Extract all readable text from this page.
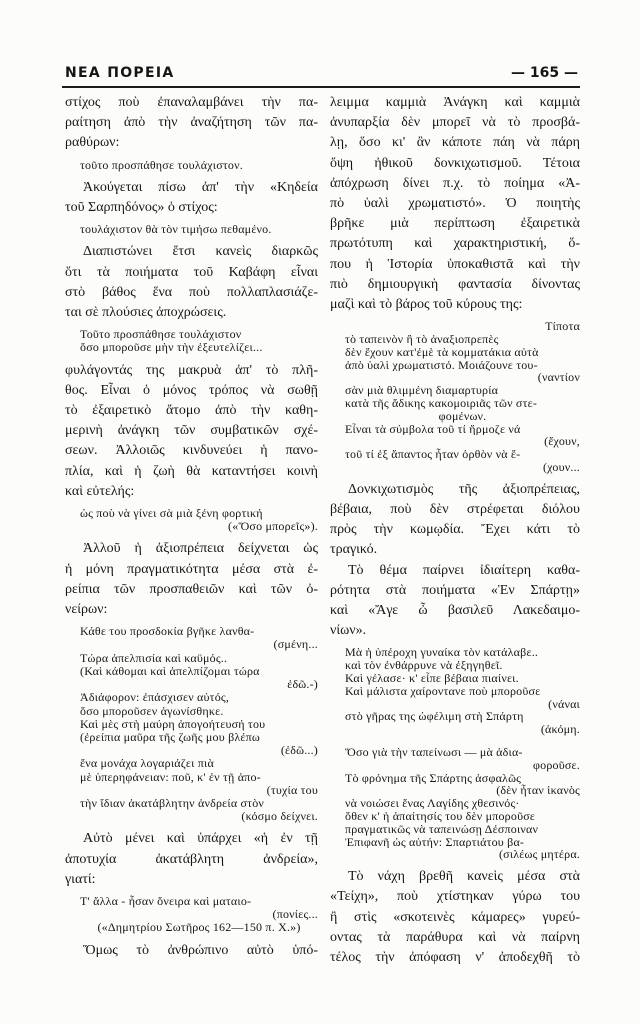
ΝΕΑ ΠΟΡΕΙΑ	— 165 —
στίχος ποὺ ἐπαναλαμβάνει τὴν πα-
ραίτηση ἀπὸ τὴν ἀναζήτηση τῶν πα-
ραθύρων:
τοῦτο προσπάθησε τουλάχιστον.
Ἀκούγεται πίσω ἀπ' τὴν «Κηδεία
τοῦ Σαρπηδόνος» ὁ στίχος:
τουλάχιστον θὰ τὸν τιμήσω πεθαμένο.
Διαπιστώνει ἔτσι κανεὶς διαρκῶς
ὅτι τὰ ποιήματα τοῦ Καβάφη εἶναι
στὸ βάθος ἕνα ποὺ πολλαπλασιάζε-
ται σὲ πλούσιες ἀποχρώσεις.
Τοῦτο προσπάθησε τουλάχιστον
ὅσο μποροῦσε μὴν τὴν ἐξευτελίζει...
φυλάγοντάς της μακρυὰ ἀπ' τὸ πλῆ-
θος. Εἶναι ὁ μόνος τρόπος νὰ σωθῇ
τὸ ἐξαιρετικὸ ἄτομο ἀπὸ τὴν καθη-
μερινὴ ἀνάγκη τῶν συμβατικῶν σχέ-
σεων. Ἀλλοιῶς κινδυνεύει ἡ πανο-
πλία, καὶ ἡ ζωὴ θὰ καταντήσει κοινὴ
καὶ εὐτελής:
ὡς ποὺ νὰ γίνει σὰ μιὰ ξένη φορτική
(«Ὅσο μπορεῖς»).
Ἀλλοῦ ἡ ἀξιοπρέπεια δείχνεται ὡς
ἡ μόνη πραγματικότητα μέσα στὰ ἐ-
ρείπια τῶν προσπαθειῶν καὶ τῶν ὀ-
νείρων:
Κάθε του προσδοκία βγῆκε λανθα-
(σμένη...
Τώρα ἀπελπισία καὶ καϋμός..
(Καὶ κάθομαι καὶ ἀπελπίζομαι τώρα
ἐδῶ.-)
Ἀδιάφορον: ἐπάσχισεν αὐτός,
ὅσο μποροῦσεν ἀγωνίσθηκε.
Καὶ μὲς στὴ μαύρη ἀπογοήτευσή του
(ἐρείπια μαῦρα τῆς ζωῆς μου βλέπω
(ἐδῶ...)
ἕνα μονάχα λογαριάζει πιὰ
μὲ ὑπερηφάνειαν: ποῦ, κ' ἐν τῇ ἀπο-
(τυχία του
τὴν ἴδιαν ἀκατάβλητην ἀνδρεία στὸν
(κόσμο δείχνει.
Αὐτὸ μένει καὶ ὑπάρχει «ἡ ἐν τῇ
ἀποτυχία ἀκατάβλητη ἀνδρεία»,
γιατί:
Τ' ἄλλα - ἦσαν ὄνειρα καὶ ματαιο-
(πονίες...
(«Δημητρίου Σωτῆρος 162—150 π. Χ.»)
Ὅμως τὸ ἀνθρώπινο αὐτὸ ὑπό-
λειμμα καμμιὰ Ἀνάγκη καὶ καμμιὰ
ἀνυπαρξία δὲν μπορεῖ νὰ τὸ προσβά-
λῃ, ὅσο κι' ἂν κάποτε πάη νὰ πάρη
ὄψη ἠθικοῦ δονκιχωτισμοῦ. Τέτοια
ἀπόχρωση δίνει π.χ. τὸ ποίημα «Ἀ-
πὸ ὑαλὶ χρωματιστό». Ὁ ποιητὴς
βρῆκε μιὰ περίπτωση ἐξαιρετικὰ
πρωτότυπη καὶ χαρακτηριστική, ὅ-
που ἡ Ἱστορία ὑποκαθιστᾶ καὶ τὴν
πιὸ δημιουργικὴ φαντασία δίνοντας
μαζὶ καὶ τὸ βάρος τοῦ κύρους της:
Τίποτα
τὸ ταπεινὸν ἢ τὸ ἀναξιοπρεπὲς
δὲν ἔχουν κατ'ἐμὲ τὰ κομματάκια αὐτὰ
ἀπὸ ὑαλὶ χρωματιστό. Μοιάζουνε του-
(ναντίον
σὰν μιὰ θλιμμένη διαμαρτυρία
κατὰ τῆς ἄδικης κακομοιριᾶς τῶν στε-
φομένων.
Εἶναι τὰ σύμβολα τοῦ τί ἥρμοζε νά
(ἔχουν,
τοῦ τί ἐξ ἅπαντος ἦταν ὀρθὸν νὰ ἔ-
(χουν...
Δονκιχωτισμὸς τῆς ἀξιοπρέπειας,
βέβαια, ποὺ δὲν στρέφεται διόλου
πρὸς τὴν κωμῳδία. Ἔχει κάτι τὸ
τραγικό.
Τὸ θέμα παίρνει ἰδιαίτερη καθα-
ρότητα στὰ ποιήματα «Ἐν Σπάρτῃ»
καὶ «Ἄγε ὦ βασιλεῦ Λακεδαιμο-
νίων».
Μὰ ἡ ὑπέροχη γυναίκα τὸν κατάλαβε..
καὶ τὸν ἐνθάρρυνε νὰ ἐξηγηθεῖ.
Καὶ γέλασε· κ' εἶπε βέβαια πιαίνει.
Καὶ μάλιστα χαίροντανε ποὺ μποροῦσε
(νάναι
στὸ γῆρας της ὠφέλιμη στὴ Σπάρτη
(ἀκόμη.
Ὅσο γιὰ τὴν ταπείνωσι — μὰ ἀδια-
φοροῦσε.
Τὸ φρόνημα τῆς Σπάρτης ἀσφαλῶς
(δὲν ἦταν ἱκανὸς
νὰ νοιώσει ἕνας Λαγίδης χθεσινός·
ὅθεν κ' ἡ ἀπαίτησίς του δὲν μποροῦσε
πραγματικῶς νὰ ταπεινώσῃ Δέσποιναν
Ἐπιφανῆ ὡς αὐτήν: Σπαρτιάτου βα-
(σιλέως μητέρα.
Τὸ νάχη βρεθῆ κανεὶς μέσα στὰ
«Τείχη», ποὺ χτίστηκαν γύρω του
ἢ στὶς «σκοτεινὲς κάμαρες» γυρεύ-
οντας τὰ παράθυρα καὶ νὰ παίρνη
τέλος τὴν ἀπόφαση ν' ἀποδεχθῆ τὸ
